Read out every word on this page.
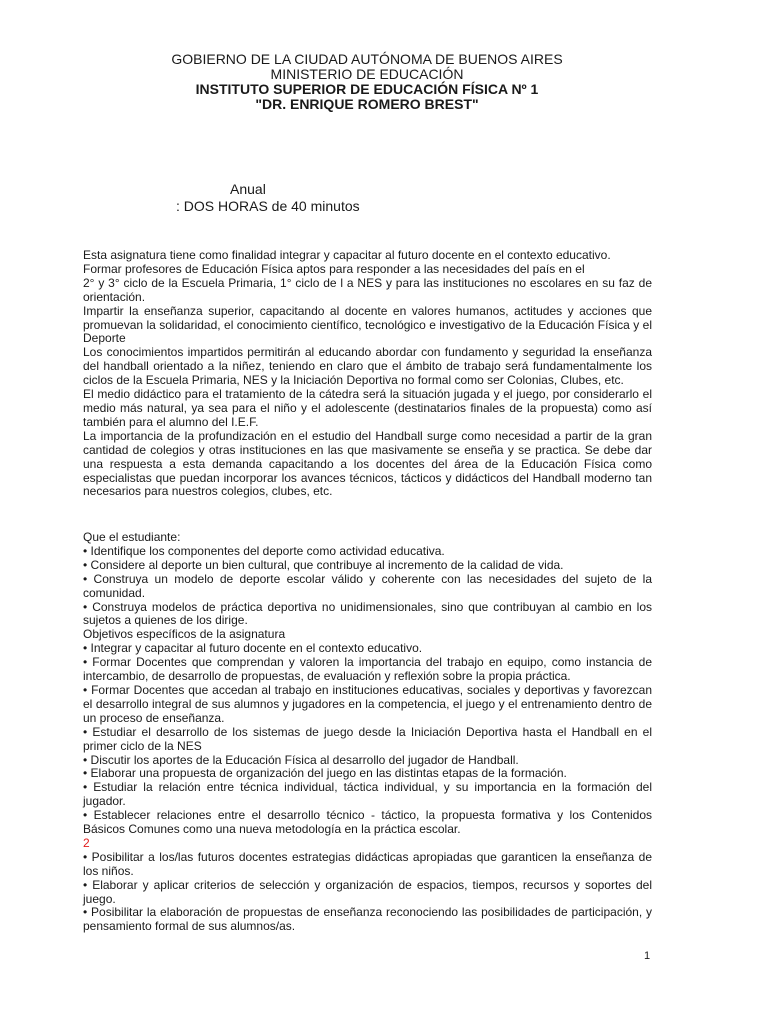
GOBIERNO DE LA CIUDAD AUTÓNOMA DE BUENOS AIRES
MINISTERIO DE EDUCACIÓN
INSTITUTO SUPERIOR DE EDUCACIÓN FÍSICA Nº 1
"DR. ENRIQUE ROMERO BREST"
Anual
: DOS HORAS de 40 minutos

Esta asignatura tiene como finalidad integrar y capacitar al futuro docente en el contexto educativo.

Formar profesores de Educación Física aptos para responder a las necesidades del país en el

2° y 3° ciclo de la Escuela Primaria, 1° ciclo de l a NES y para las instituciones no escolares en su faz de orientación.

Impartir la enseñanza superior, capacitando al docente en valores humanos, actitudes y acciones que promuevan la solidaridad, el conocimiento científico, tecnológico e investigativo de la Educación Física y el Deporte

Los conocimientos impartidos permitirán al educando abordar con fundamento y seguridad la enseñanza del handball orientado a la niñez, teniendo en claro que el ámbito de trabajo será fundamentalmente los ciclos de la Escuela Primaria, NES y la Iniciación Deportiva no formal como ser Colonias, Clubes, etc.

El medio didáctico para el tratamiento de la cátedra será la situación jugada y el juego, por considerarlo el medio más natural, ya sea para el niño y el adolescente (destinatarios finales de la propuesta) como así también para el alumno del I.E.F.

La importancia de la profundización en el estudio del Handball surge como necesidad a partir de la gran cantidad de colegios y otras instituciones en las que masivamente se enseña y se practica. Se debe dar una respuesta a esta demanda capacitando a los docentes del área de la Educación Física como especialistas que puedan incorporar los avances técnicos, tácticos y didácticos del Handball moderno tan necesarios para nuestros colegios, clubes, etc.

Que el estudiante:

• Identifique los componentes del deporte como actividad educativa.

• Considere al deporte un bien cultural, que contribuye al incremento de la calidad de vida.

• Construya un modelo de deporte escolar válido y coherente con las necesidades del sujeto de la comunidad.

• Construya modelos de práctica deportiva no unidimensionales, sino que contribuyan al cambio en los sujetos a quienes de los dirige.

Objetivos específicos de la asignatura

• Integrar y capacitar al futuro docente en el contexto educativo.

• Formar Docentes que comprendan y valoren la importancia del trabajo en equipo, como instancia de intercambio, de desarrollo de propuestas, de evaluación y reflexión sobre la propia práctica.

• Formar Docentes que accedan al trabajo en instituciones educativas, sociales y deportivas y favorezcan el desarrollo integral de sus alumnos y jugadores en la competencia, el juego y el entrenamiento dentro de un proceso de enseñanza.

• Estudiar el desarrollo de los sistemas de juego desde la Iniciación Deportiva hasta el Handball en el primer ciclo de la NES

• Discutir los aportes de la Educación Física al desarrollo del jugador de Handball.

• Elaborar una propuesta de organización del juego en las distintas etapas de la formación.

• Estudiar la relación entre técnica individual, táctica individual, y su importancia en la formación del jugador.

• Establecer relaciones entre el desarrollo técnico - táctico, la propuesta formativa y los Contenidos Básicos Comunes como una nueva metodología en la práctica escolar.

2

• Posibilitar a los/las futuros docentes estrategias didácticas apropiadas que garanticen la enseñanza de los niños.

• Elaborar y aplicar criterios de selección y organización de espacios, tiempos, recursos y soportes del juego.

• Posibilitar la elaboración de propuestas de enseñanza reconociendo las posibilidades de participación, y pensamiento formal de sus alumnos/as.

1
